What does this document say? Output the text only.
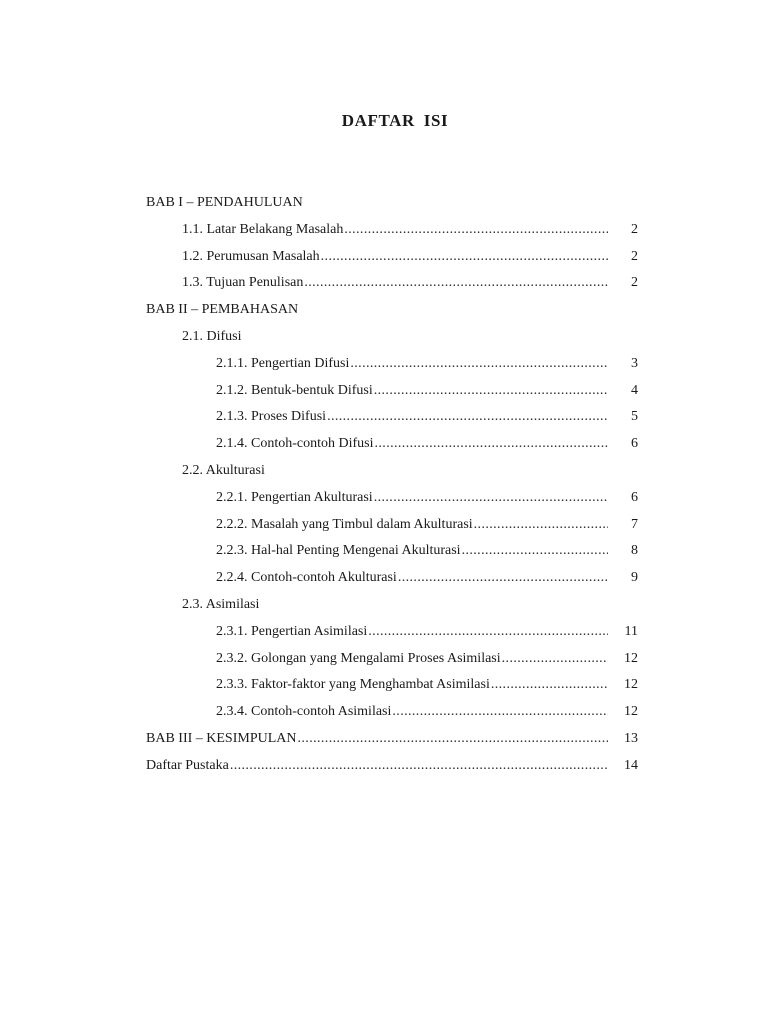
DAFTAR ISI
BAB I – PENDAHULUAN
1.1. Latar Belakang Masalah .....	2
1.2. Perumusan Masalah .....	2
1.3. Tujuan Penulisan .....	2
BAB II – PEMBAHASAN
2.1. Difusi
2.1.1. Pengertian Difusi .....	3
2.1.2. Bentuk-bentuk Difusi .....	4
2.1.3. Proses Difusi .....	5
2.1.4. Contoh-contoh Difusi .....	6
2.2. Akulturasi
2.2.1. Pengertian Akulturasi .....	6
2.2.2. Masalah yang Timbul dalam Akulturasi .....	7
2.2.3. Hal-hal Penting Mengenai Akulturasi .....	8
2.2.4. Contoh-contoh Akulturasi .....	9
2.3. Asimilasi
2.3.1. Pengertian Asimilasi .....	11
2.3.2. Golongan yang Mengalami Proses Asimilasi .....	12
2.3.3. Faktor-faktor yang Menghambat Asimilasi .....	12
2.3.4. Contoh-contoh Asimilasi .....	12
BAB III – KESIMPULAN .....	13
Daftar Pustaka .....	14
